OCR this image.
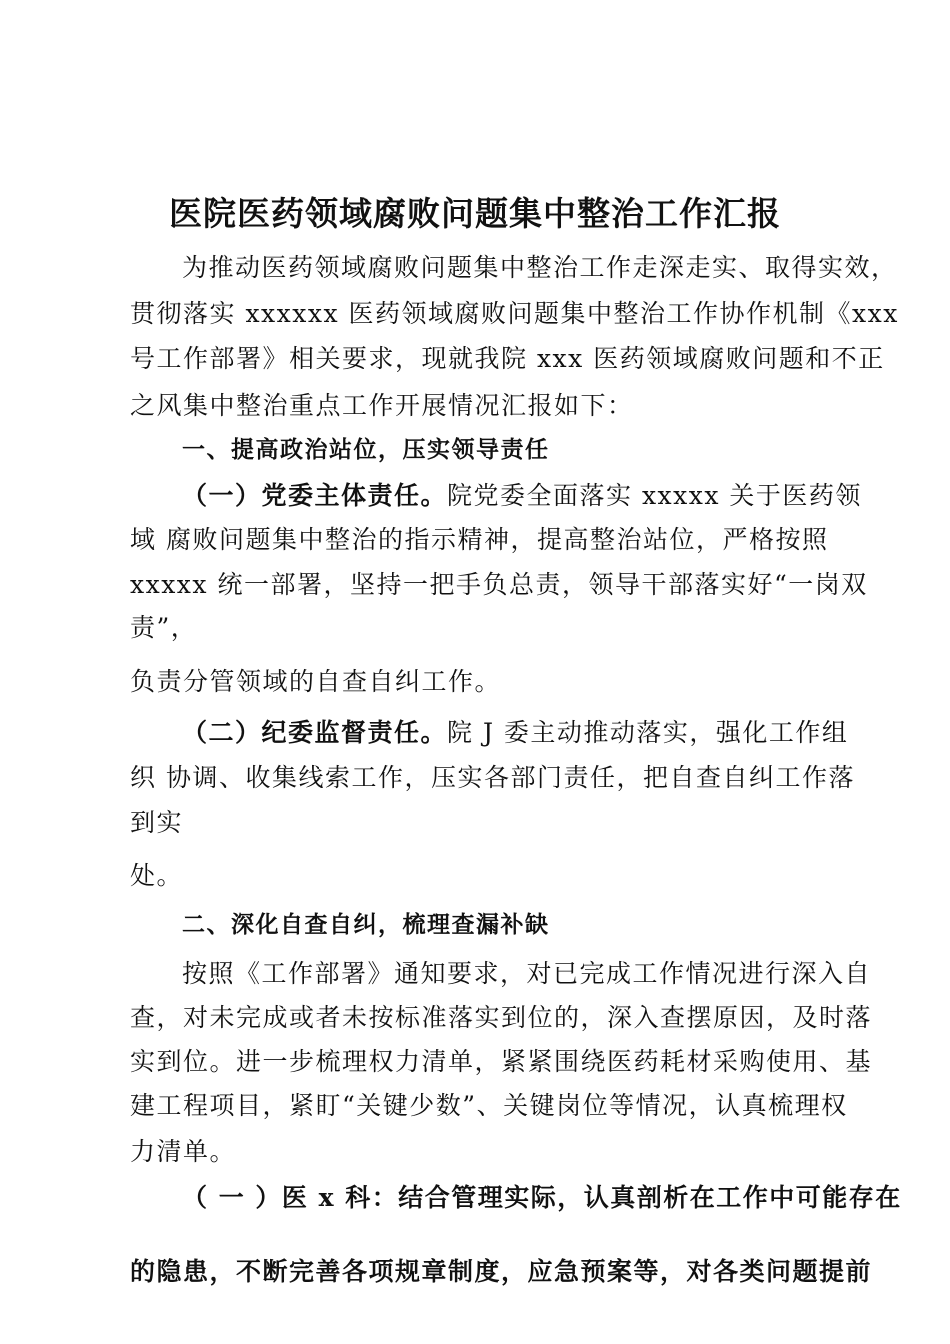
医院医药领域腐败问题集中整治工作汇报
为推动医药领域腐败问题集中整治工作走深走实、取得实效，
贯彻落实 xxxxxx 医药领域腐败问题集中整治工作协作机制《xxx
号工作部署》相关要求，现就我院 xxx 医药领域腐败问题和不正
之风集中整治重点工作开展情况汇报如下：
一、提高政治站位，压实领导责任
（一）党委主体责任。院党委全面落实 xxxxx 关于医药领
域 腐败问题集中整治的指示精神，提高整治站位，严格按照
xxxxx 统一部署，坚持一把手负总责，领导干部落实好“一岗双
责”，
负责分管领域的自查自纠工作。
（二）纪委监督责任。院 J 委主动推动落实，强化工作组
织 协调、收集线索工作，压实各部门责任，把自查自纠工作落
到实
处。
二、深化自查自纠，梳理查漏补缺
按照《工作部署》通知要求，对已完成工作情况进行深入自
查，对未完成或者未按标准落实到位的，深入查摆原因，及时落
实到位。进一步梳理权力清单，紧紧围绕医药耗材采购使用、基
建工程项目，紧盯“关键少数”、关键岗位等情况，认真梳理权
力清单。
（ 一 ）医 x 科：结合管理实际，认真剖析在工作中可能存在
的隐患，不断完善各项规章制度，应急预案等，对各类问题提前
